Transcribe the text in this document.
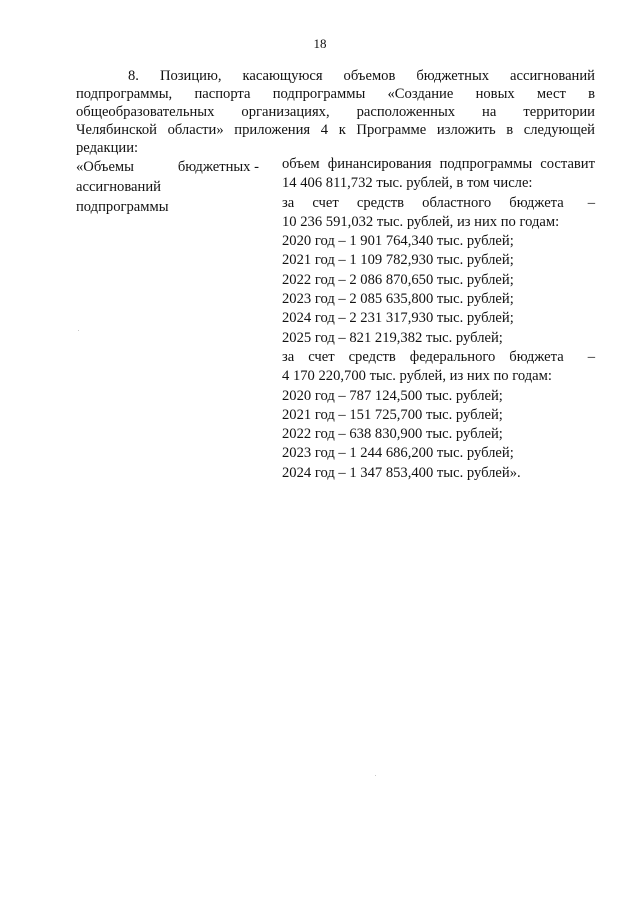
18
8. Позицию, касающуюся объемов бюджетных ассигнований
подпрограммы, паспорта подпрограммы «Создание новых мест в
общеобразовательных организациях, расположенных на территории
Челябинской области» приложения 4 к Программе изложить в следующей
редакции:
«Объемы	бюджетных -
ассигнований
подпрограммы
объем финансирования подпрограммы составит
14 406 811,732 тыс. рублей, в том числе:
за счет средств областного бюджета –
10 236 591,032 тыс. рублей, из них по годам:
2020 год – 1 901 764,340 тыс. рублей;
2021 год – 1 109 782,930 тыс. рублей;
2022 год – 2 086 870,650 тыс. рублей;
2023 год – 2 085 635,800 тыс. рублей;
2024 год – 2 231 317,930 тыс. рублей;
2025 год – 821 219,382 тыс. рублей;
за счет средств федерального бюджета –
4 170 220,700 тыс. рублей, из них по годам:
2020 год – 787 124,500 тыс. рублей;
2021 год – 151 725,700 тыс. рублей;
2022 год – 638 830,900 тыс. рублей;
2023 год – 1 244 686,200 тыс. рублей;
2024 год – 1 347 853,400 тыс. рублей».
